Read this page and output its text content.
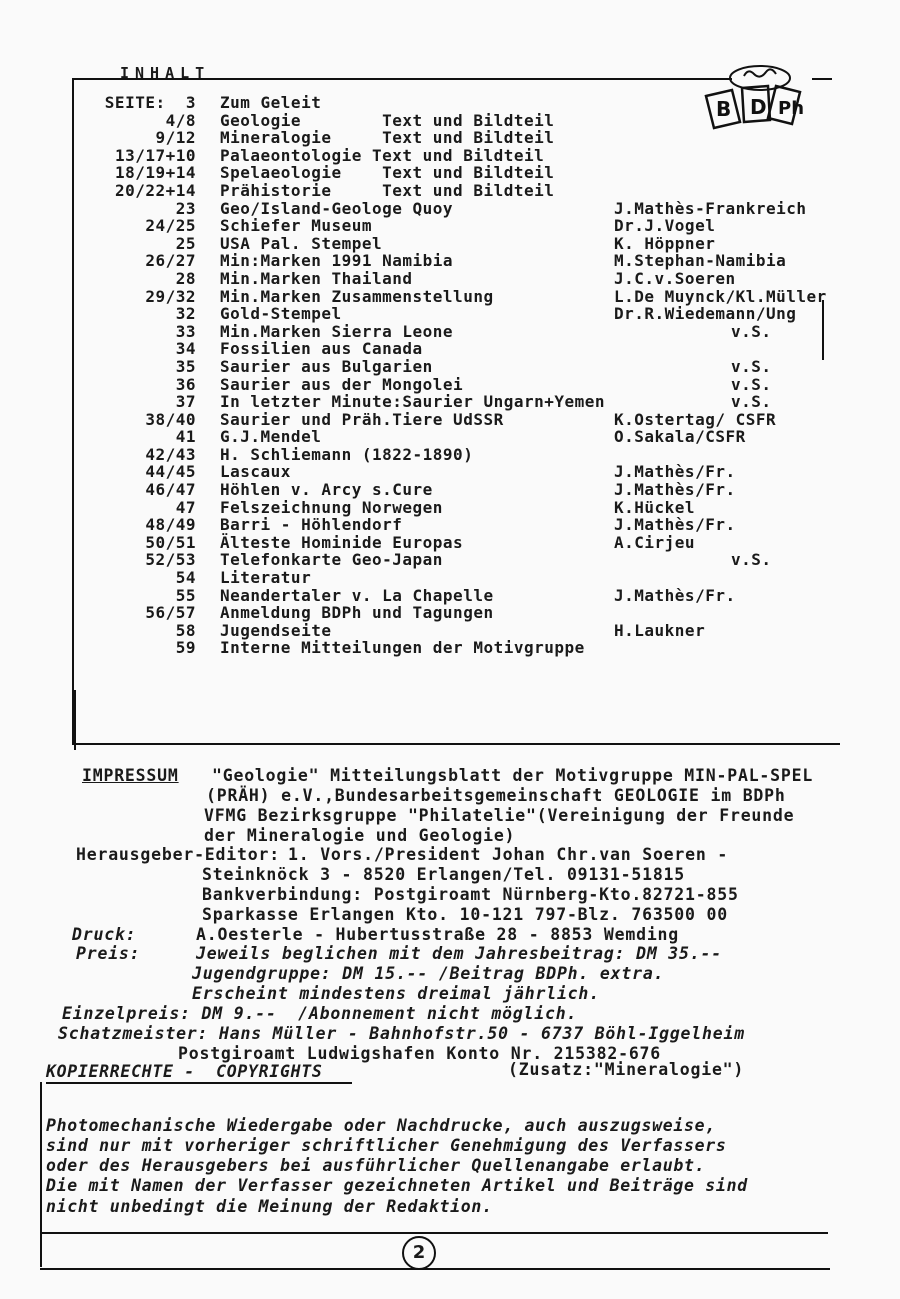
INHALT
B D Ph
SEITE:  3 Zum Geleit
4/8 Geologie        Text und Bildteil
9/12 Mineralogie     Text und Bildteil
13/17+10 Palaeontologie Text und Bildteil
18/19+14 Spelaeologie    Text und Bildteil
20/22+14 Prähistorie     Text und Bildteil
23 Geo/Island-Geologe Quoy	J.Mathès-Frankreich
24/25 Schiefer Museum	Dr.J.Vogel
25 USA Pal. Stempel	K. Höppner
26/27 Min:Marken 1991 Namibia	M.Stephan-Namibia
28 Min.Marken Thailand	J.C.v.Soeren
29/32 Min.Marken Zusammenstellung	L.De Muynck/Kl.Müller
32 Gold-Stempel	Dr.R.Wiedemann/Ung
33 Min.Marken Sierra Leone	v.S.
34 Fossilien aus Canada
35 Saurier aus Bulgarien	v.S.
36 Saurier aus der Mongolei	v.S.
37 In letzter Minute:Saurier Ungarn+Yemen	v.S.
38/40 Saurier und Präh.Tiere UdSSR	K.Ostertag/ CSFR
41 G.J.Mendel	O.Sakala/CSFR
42/43 H. Schliemann (1822-1890)
44/45 Lascaux	J.Mathès/Fr.
46/47 Höhlen v. Arcy s.Cure	J.Mathès/Fr.
47 Felszeichnung Norwegen	K.Hückel
48/49 Barri - Höhlendorf	J.Mathès/Fr.
50/51 Älteste Hominide Europas	A.Cirjeu
52/53 Telefonkarte Geo-Japan	v.S.
54 Literatur
55 Neandertaler v. La Chapelle	J.Mathès/Fr.
56/57 Anmeldung BDPh und Tagungen
58 Jugendseite	H.Laukner
59 Interne Mitteilungen der Motivgruppe
IMPRESSUM "Geologie" Mitteilungsblatt der Motivgruppe MIN-PAL-SPEL
(PRÄH) e.V.,Bundesarbeitsgemeinschaft GEOLOGIE im BDPh
VFMG Bezirksgruppe "Philatelie"(Vereinigung der Freunde
der Mineralogie und Geologie)
Herausgeber-Editor: 1. Vors./President Johan Chr.van Soeren -
Steinknöck 3 - 8520 Erlangen/Tel. 09131-51815
Bankverbindung: Postgiroamt Nürnberg-Kto.82721-855
Sparkasse Erlangen Kto. 10-121 797-Blz. 763500 00
Druck:	A.Oesterle - Hubertusstraße 28 - 8853 Wemding
Preis:	Jeweils beglichen mit dem Jahresbeitrag: DM 35.--
Jugendgruppe: DM 15.-- /Beitrag BDPh. extra.
Erscheint mindestens dreimal jährlich.
Einzelpreis: DM 9.--  /Abonnement nicht möglich.
Schatzmeister: Hans Müller - Bahnhofstr.50 - 6737 Böhl-Iggelheim
Postgiroamt Ludwigshafen Konto Nr. 215382-676
(Zusatz:"Mineralogie")
KOPIERRECHTE -  COPYRIGHTS
Photomechanische Wiedergabe oder Nachdrucke, auch auszugsweise,
sind nur mit vorheriger schriftlicher Genehmigung des Verfassers
oder des Herausgebers bei ausführlicher Quellenangabe erlaubt.
Die mit Namen der Verfasser gezeichneten Artikel und Beiträge sind
nicht unbedingt die Meinung der Redaktion.
2
